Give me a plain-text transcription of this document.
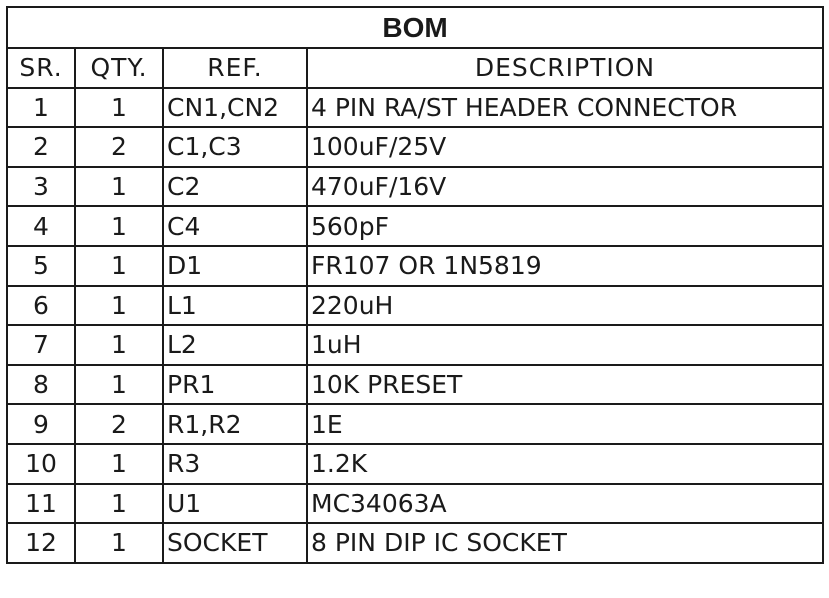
BOM			
SR.	QTY.	REF.	DESCRIPTION
1	1	CN1,CN2	4 PIN RA/ST HEADER CONNECTOR
2	2	C1,C3	100uF/25V
3	1	C2	470uF/16V
4	1	C4	560pF
5	1	D1	FR107 OR 1N5819
6	1	L1	220uH
7	1	L2	1uH
8	1	PR1	10K PRESET
9	2	R1,R2	1E
10	1	R3	1.2K
11	1	U1	MC34063A
12	1	SOCKET	8 PIN DIP IC SOCKET
